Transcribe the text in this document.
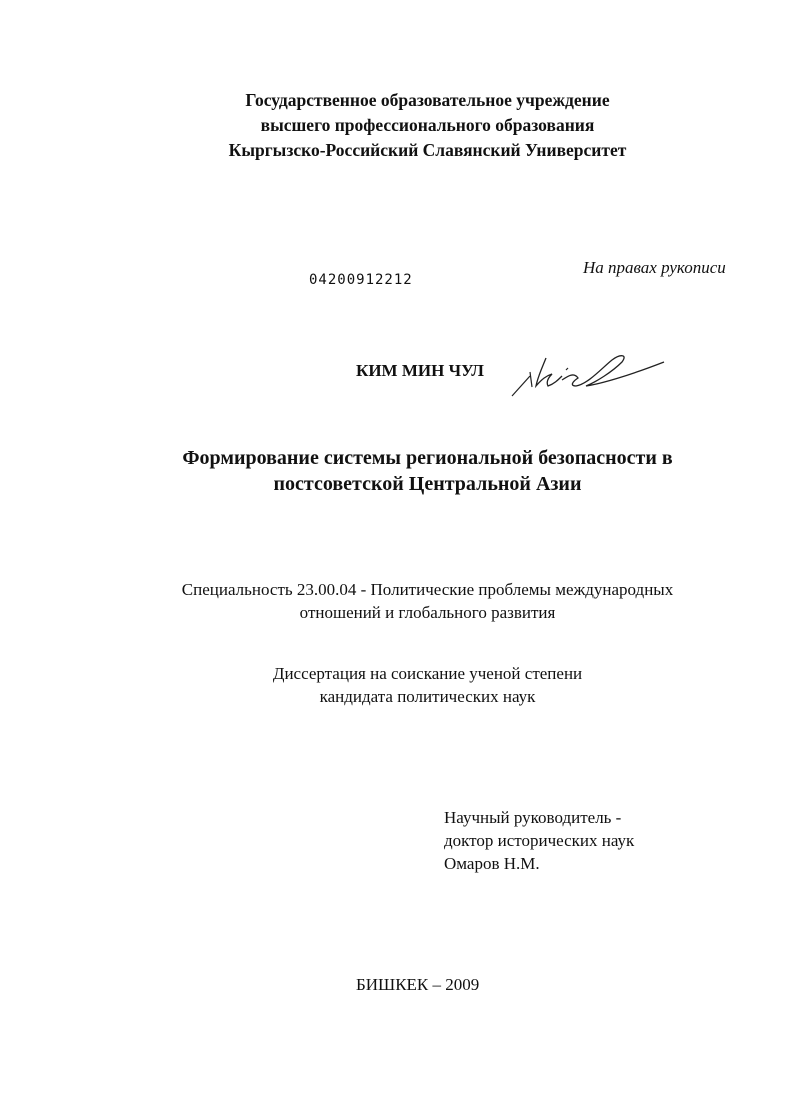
Государственное образовательное учреждение
высшего профессионального образования
Кыргызско-Российский Славянский Университет
04200912212
На правах рукописи
КИМ МИН ЧУЛ
Формирование системы региональной безопасности в
постсоветской Центральной Азии
Специальность 23.00.04 - Политические проблемы международных
отношений и глобального развития
Диссертация на соискание ученой степени
кандидата политических наук
Научный руководитель -
доктор исторических наук
Омаров Н.М.
БИШКЕК – 2009
